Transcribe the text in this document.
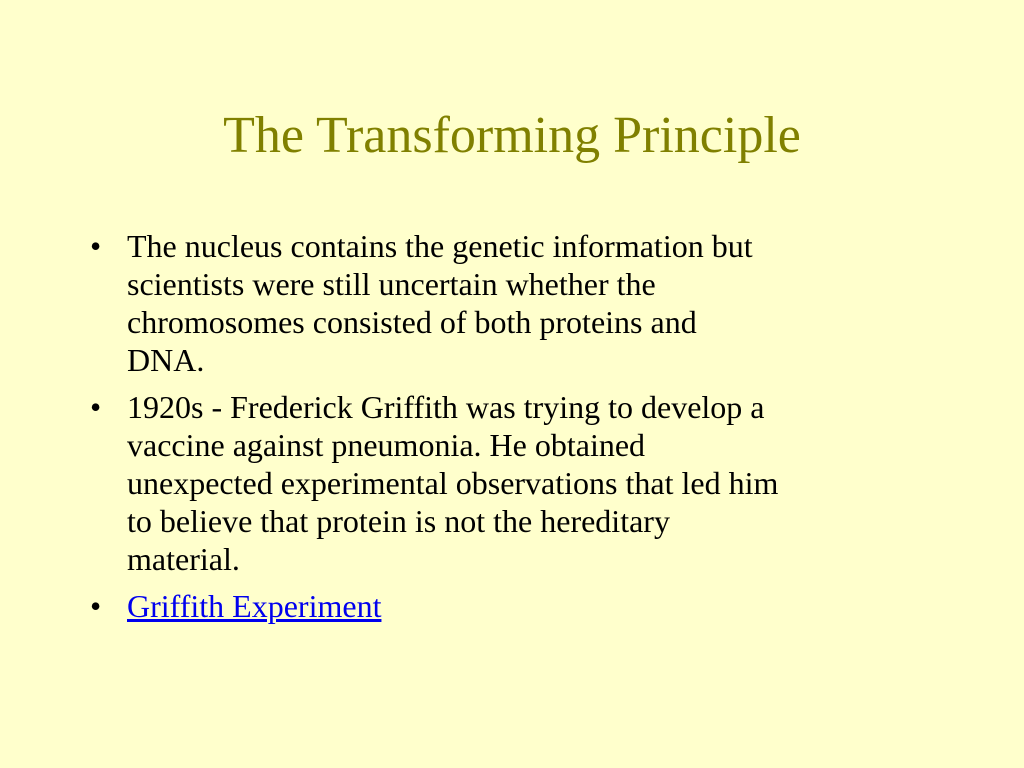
The Transforming Principle
• The nucleus contains the genetic information but
scientists were still uncertain whether the
chromosomes consisted of both proteins and
DNA.
• 1920s - Frederick Griffith was trying to develop a
vaccine against pneumonia. He obtained
unexpected experimental observations that led him
to believe that protein is not the hereditary
material.
• Griffith Experiment
